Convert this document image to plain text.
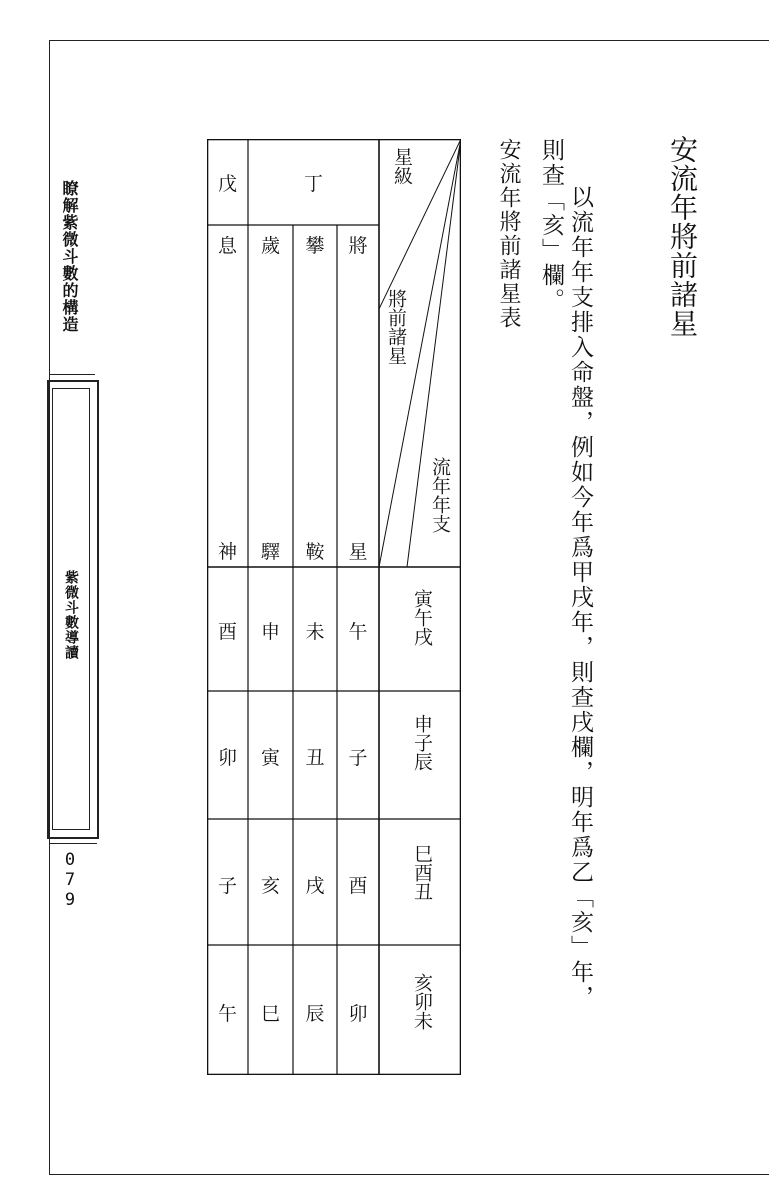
瞭解紫微斗數的構造
紫微斗數導讀
079
安流年將前諸星
以流年年支排入命盤，例如今年爲甲戌年，則查戌欄，明年爲乙「亥」年，
則查「亥」欄。
安流年將前諸星表
星級
將前諸星
流年年支
戊	丁
將
星
攀
鞍
歲
驛
息
神
寅午戌
午
未
申
酉
申子辰
子
丑
寅
卯
巳酉丑
酉
戌
亥
子
亥卯未
卯
辰
巳
午
